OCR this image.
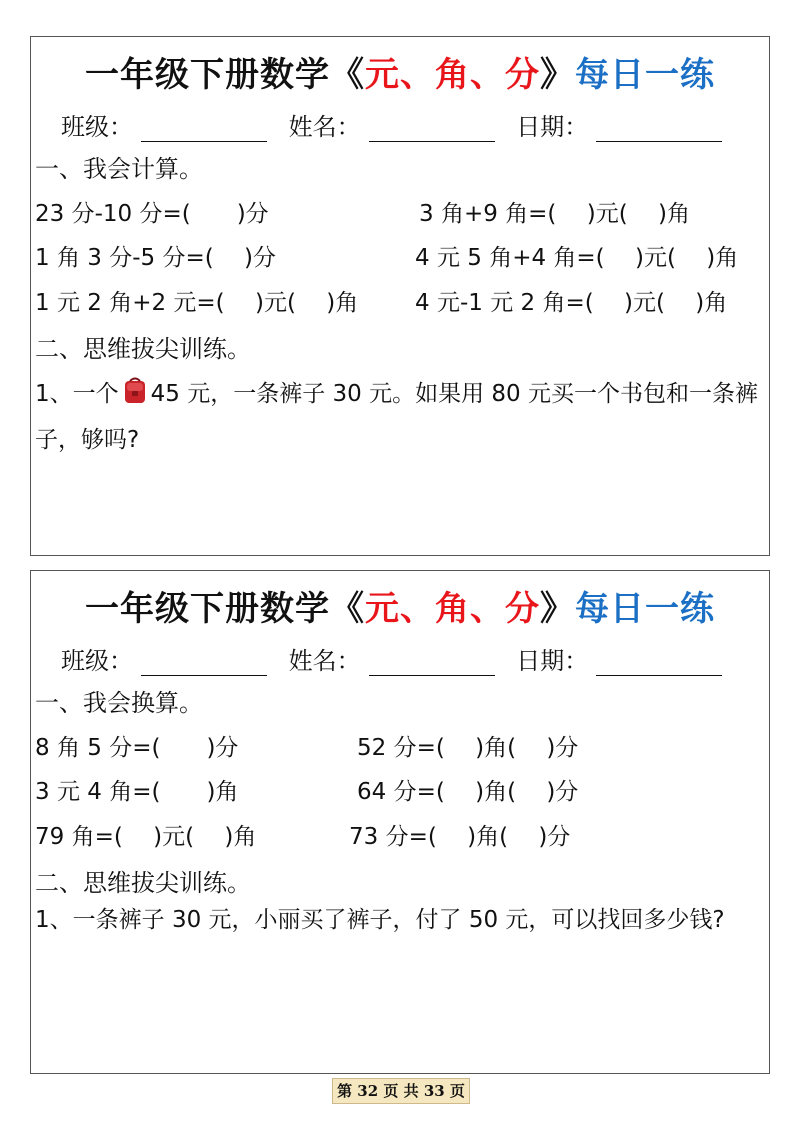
一年级下册数学《元、角、分》每日一练
班级：	姓名：	日期：
一、我会计算。
23 分-10 分=(　　)分	3 角+9 角=(　 )元(　 )角
1 角 3 分-5 分=(　 )分	4 元 5 角+4 角=(　 )元(　 )角
1 元 2 角+2 元=(　 )元(　 )角 4 元-1 元 2 角=(　 )元(　 )角
二、思维拔尖训练。
1、一个 45 元，一条裤子 30 元。如果用 80 元买一个书包和一条裤子，够吗?
一年级下册数学《元、角、分》每日一练
班级：	姓名：	日期：
一、我会换算。
8 角 5 分=(　　)分	52 分=(　 )角(　 )分
3 元 4 角=(　　)角	64 分=(　 )角(　 )分
79 角=(　 )元(　 )角	73 分=(　 )角(　 )分
二、思维拔尖训练。
1、一条裤子 30 元，小丽买了裤子，付了 50 元，可以找回多少钱?
第 32 页 共 33 页
